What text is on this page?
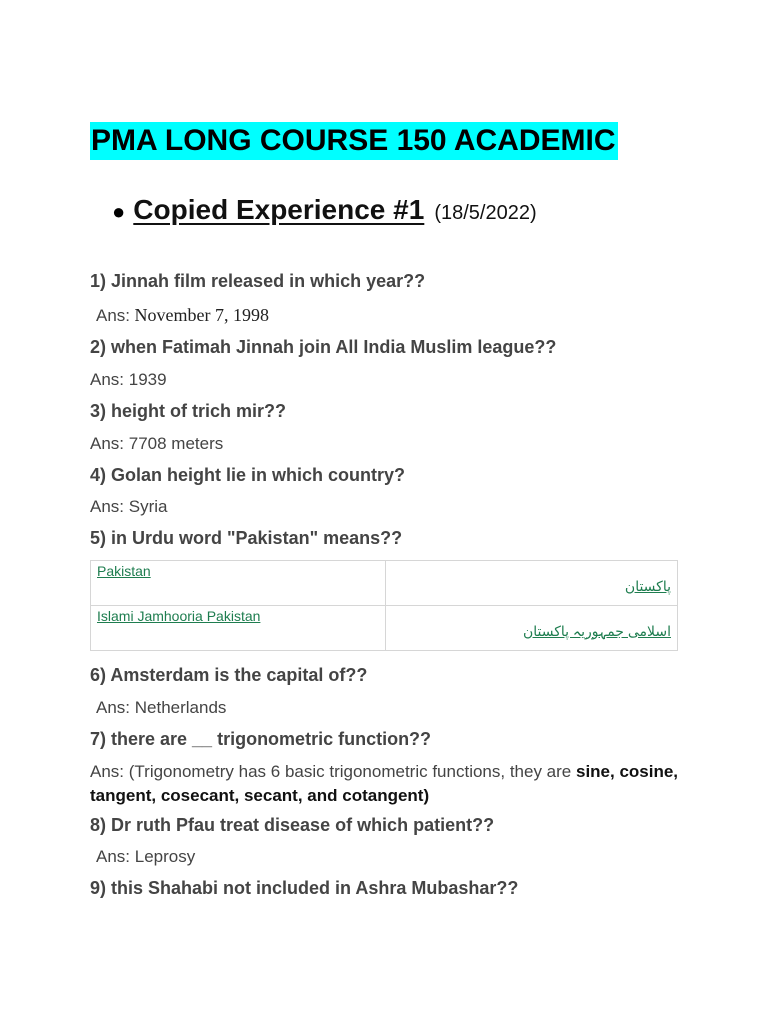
PMA LONG COURSE 150 ACADEMIC
● Copied Experience #1 (18/5/2022)
1) Jinnah film released in which year??
Ans: November 7, 1998
2) when Fatimah Jinnah join All India Muslim league??
Ans: 1939
3) height of trich mir??
Ans: 7708 meters
4) Golan height lie in which country?
Ans: Syria
5) in Urdu word "Pakistan" means??
Pakistan	پاکستان
Islami Jamhooria Pakistan	اسلامی جمہوریہ پاکستان
6) Amsterdam is the capital of??
Ans: Netherlands
7) there are __ trigonometric function??
Ans: (Trigonometry has 6 basic trigonometric functions, they are sine, cosine, tangent, cosecant, secant, and cotangent)
8) Dr ruth Pfau treat disease of which patient??
Ans: Leprosy
9) this Shahabi not included in Ashra Mubashar??
